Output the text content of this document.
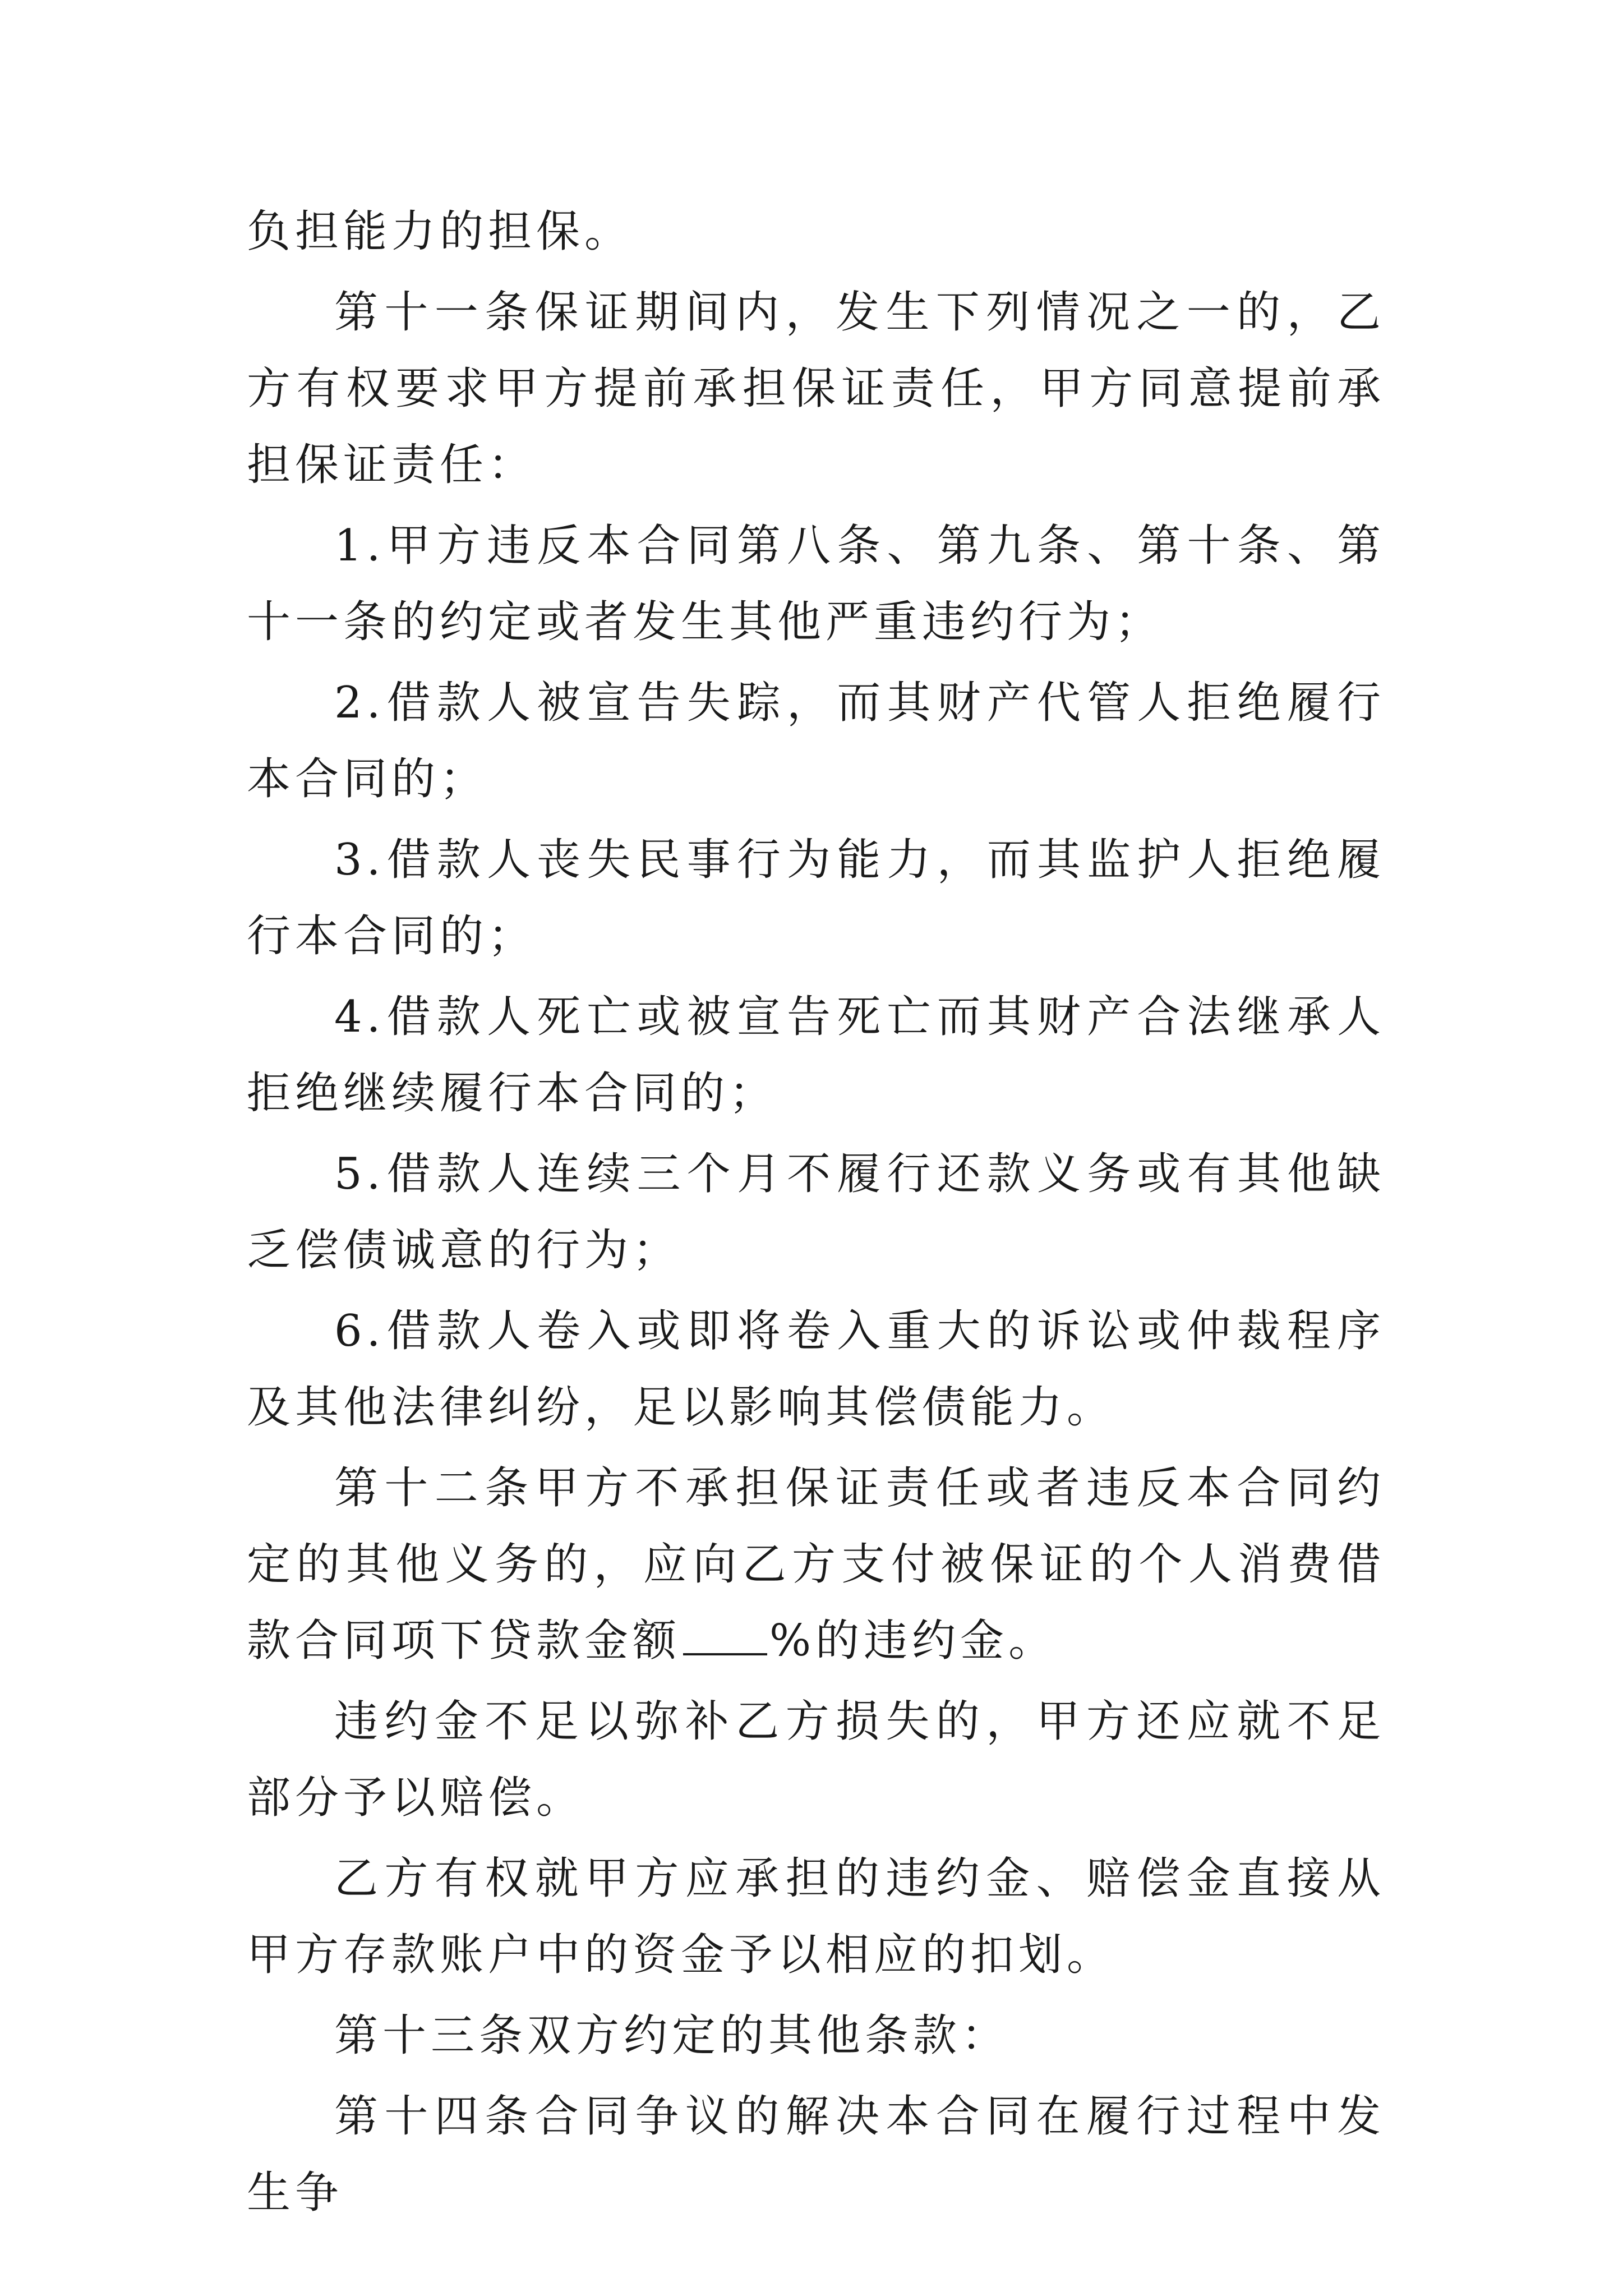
负担能力的担保。

第十一条保证期间内，发生下列情况之一的，乙方有权要求甲方提前承担保证责任，甲方同意提前承担保证责任：

1.甲方违反本合同第八条、第九条、第十条、第十一条的约定或者发生其他严重违约行为；

2.借款人被宣告失踪，而其财产代管人拒绝履行本合同的；

3.借款人丧失民事行为能力，而其监护人拒绝履行本合同的；

4.借款人死亡或被宣告死亡而其财产合法继承人拒绝继续履行本合同的；

5.借款人连续三个月不履行还款义务或有其他缺乏偿债诚意的行为；

6.借款人卷入或即将卷入重大的诉讼或仲裁程序及其他法律纠纷，足以影响其偿债能力。

第十二条甲方不承担保证责任或者违反本合同约定的其他义务的，应向乙方支付被保证的个人消费借款合同项下贷款金额 %的违约金。

违约金不足以弥补乙方损失的，甲方还应就不足部分予以赔偿。

乙方有权就甲方应承担的违约金、赔偿金直接从甲方存款账户中的资金予以相应的扣划。

第十三条双方约定的其他条款：

第十四条合同争议的解决本合同在履行过程中发生争
